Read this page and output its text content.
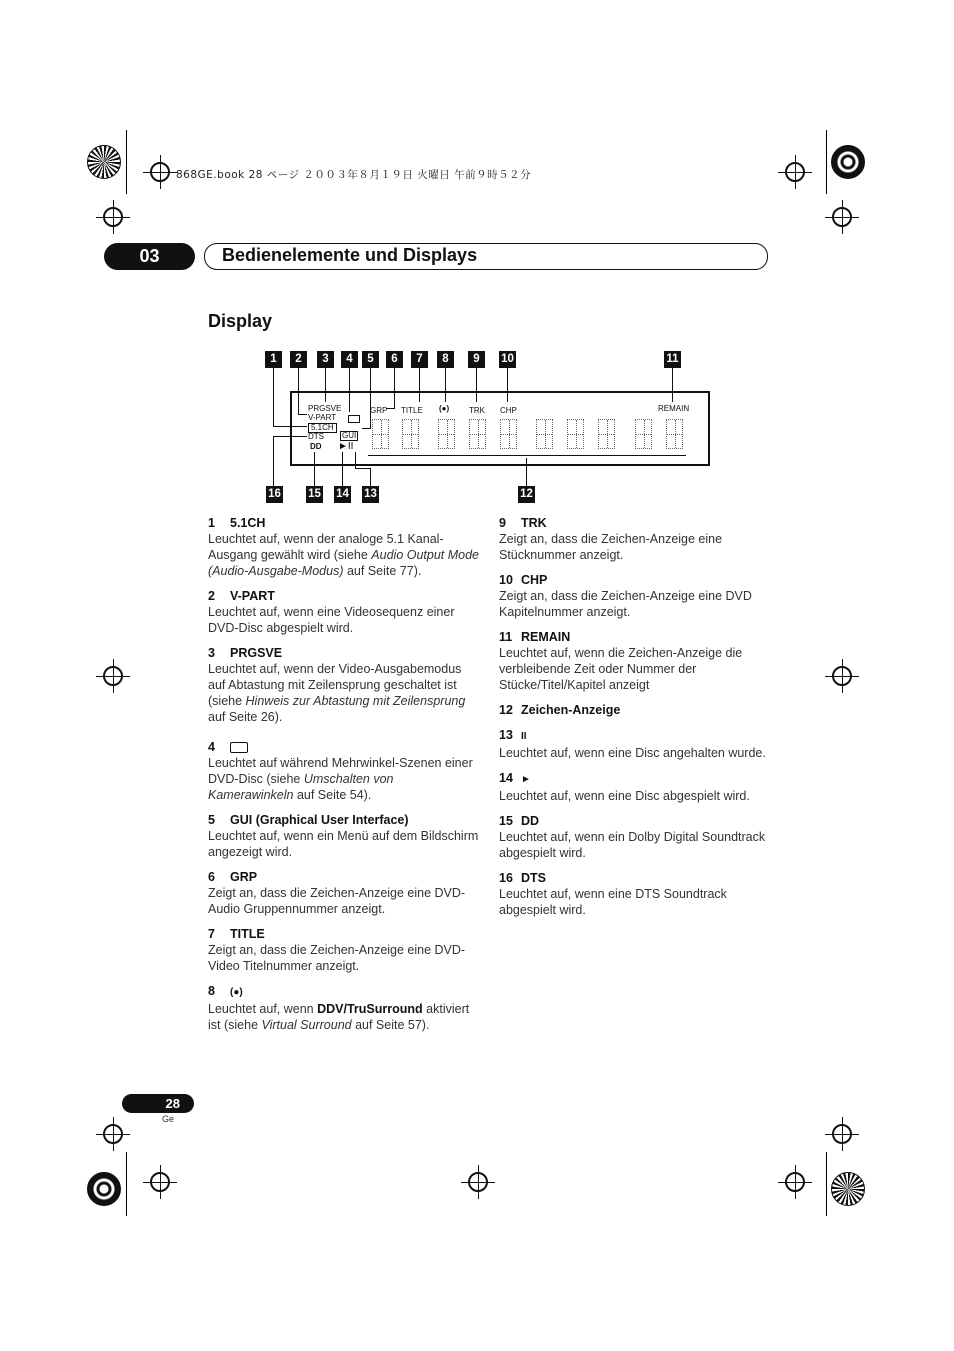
868GE.book 28 ページ ２００３年８月１９日 火曜日 午前９時５２分
03	Bedienelemente und Displays
Display
1	2	3	4	5	6	7	8	9	10	11
16 15 14 13	12
PRGSVE
V-PART
5.1CH
DTS
DD
GUI
►II
GRP TITLE (●) TRK CHP	REMAIN
1 5.1CH

Leuchtet auf, wenn der analoge 5.1 Kanal-Ausgang gewählt wird (siehe Audio Output Mode (Audio-Ausgabe-Modus) auf Seite 77).

2 V-PART

Leuchtet auf, wenn eine Videosequenz einer DVD-Disc abgespielt wird.

3 PRGSVE

Leuchtet auf, wenn der Video-Ausgabemodus auf Abtastung mit Zeilensprung geschaltet ist (siehe Hinweis zur Abtastung mit Zeilensprung auf Seite 26).

4

Leuchtet auf während Mehrwinkel-Szenen einer DVD-Disc (siehe Umschalten von Kamerawinkeln auf Seite 54).

5 GUI (Graphical User Interface)

Leuchtet auf, wenn ein Menü auf dem Bildschirm angezeigt wird.

6 GRP

Zeigt an, dass die Zeichen-Anzeige eine DVD-Audio Gruppennummer anzeigt.

7 TITLE

Zeigt an, dass die Zeichen-Anzeige eine DVD-Video Titelnummer anzeigt.

8 (●)

Leuchtet auf, wenn DDV/TruSurround aktiviert ist (siehe Virtual Surround auf Seite 57).

9 TRK

Zeigt an, dass die Zeichen-Anzeige eine Stücknummer anzeigt.

10 CHP

Zeigt an, dass die Zeichen-Anzeige eine DVD Kapitelnummer anzeigt.

11 REMAIN

Leuchtet auf, wenn die Zeichen-Anzeige die verbleibende Zeit oder Nummer der Stücke/Titel/Kapitel anzeigt

12 Zeichen-Anzeige
13 II

Leuchtet auf, wenn eine Disc angehalten wurde.

14 ►

Leuchtet auf, wenn eine Disc abgespielt wird.

15 DD

Leuchtet auf, wenn ein Dolby Digital Soundtrack abgespielt wird.

16 DTS

Leuchtet auf, wenn eine DTS Soundtrack abgespielt wird.

28
Ge
